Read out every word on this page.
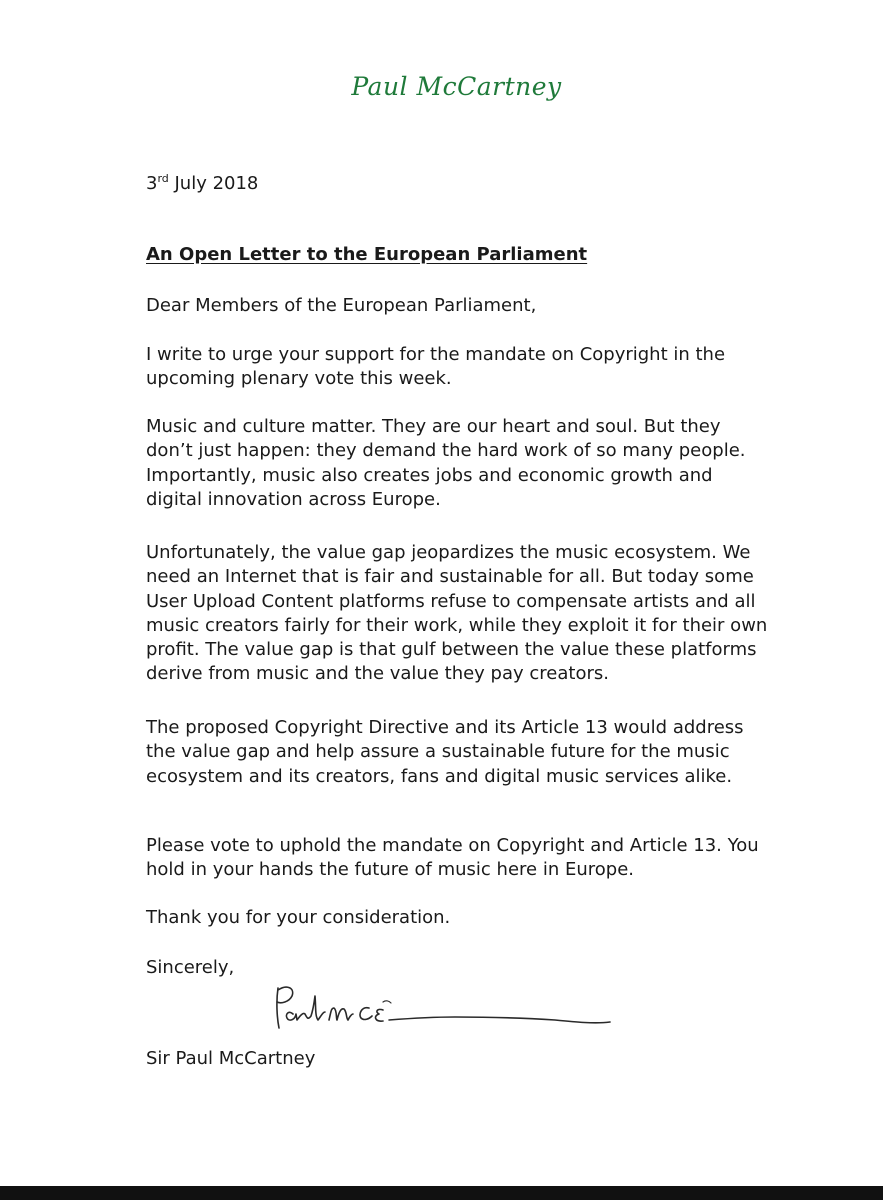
Paul McCartney
3rd July 2018
An Open Letter to the European Parliament

Dear Members of the European Parliament,

I write to urge your support for the mandate on Copyright in the upcoming plenary vote this week.

Music and culture matter. They are our heart and soul. But they don’t just happen: they demand the hard work of so many people. Importantly, music also creates jobs and economic growth and digital innovation across Europe.

Unfortunately, the value gap jeopardizes the music ecosystem. We need an Internet that is fair and sustainable for all. But today some User Upload Content platforms refuse to compensate artists and all music creators fairly for their work, while they exploit it for their own profit. The value gap is that gulf between the value these platforms derive from music and the value they pay creators.

The proposed Copyright Directive and its Article 13 would address the value gap and help assure a sustainable future for the music ecosystem and its creators, fans and digital music services alike.

Please vote to uphold the mandate on Copyright and Article 13. You hold in your hands the future of music here in Europe.

Thank you for your consideration.

Sincerely,

Sir Paul McCartney
